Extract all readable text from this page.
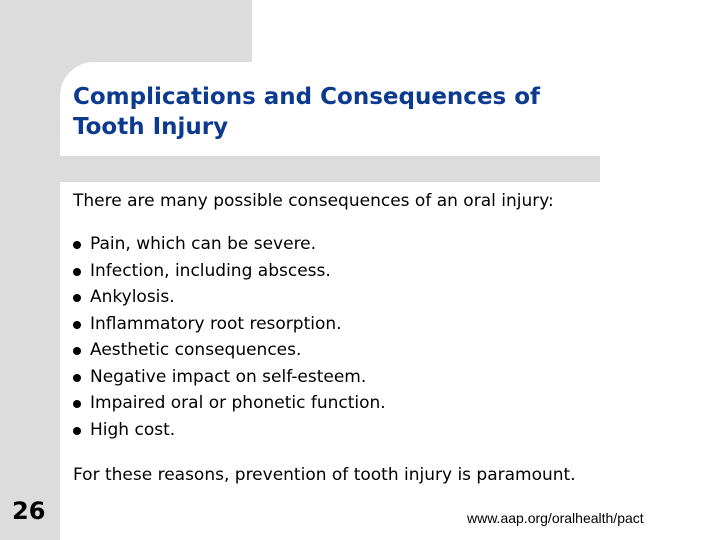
Complications and Consequences of
Tooth Injury

There are many possible consequences of an oral injury:

Pain, which can be severe.
Infection, including abscess.
Ankylosis.
Inflammatory root resorption.
Aesthetic consequences.
Negative impact on self-esteem.
Impaired oral or phonetic function.
High cost.

For these reasons, prevention of tooth injury is paramount.

26	www.aap.org/oralhealth/pact
